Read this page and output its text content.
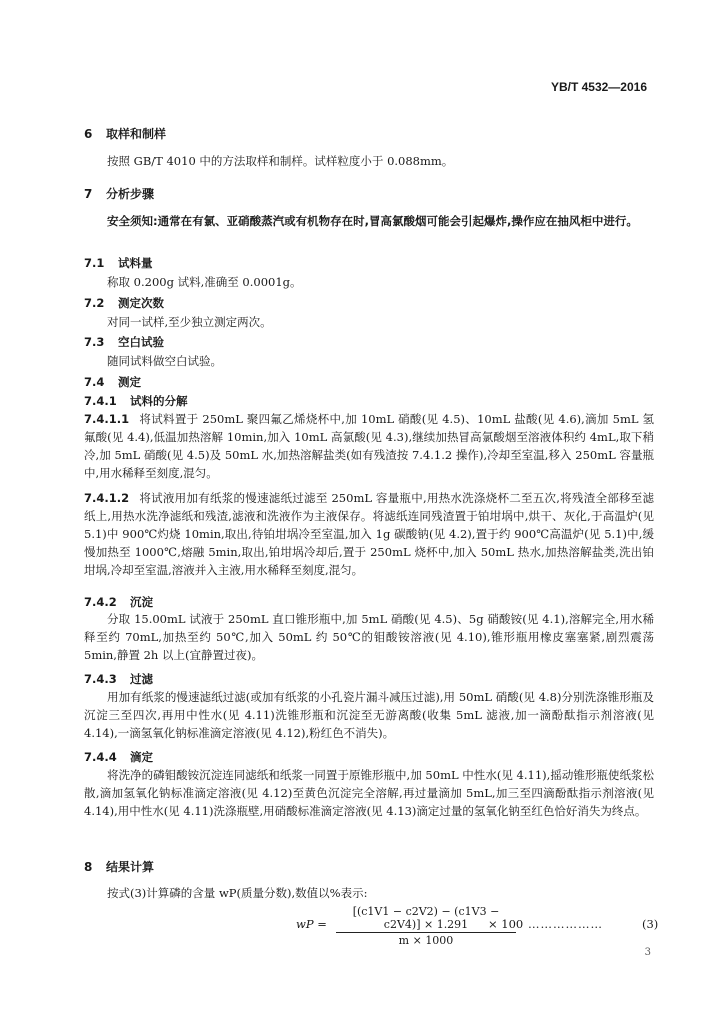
YB/T 4532—2016
6 取样和制样
按照 GB/T 4010 中的方法取样和制样。试样粒度小于 0.088mm。
7 分析步骤
安全须知:通常在有氯、亚硝酸蒸汽或有机物存在时,冒高氯酸烟可能会引起爆炸,操作应在抽风柜中进行。
7.1 试料量
称取 0.200g 试料,准确至 0.0001g。
7.2 测定次数
对同一试样,至少独立测定两次。
7.3 空白试验
随同试料做空白试验。
7.4 测定
7.4.1 试料的分解
7.4.1.1 将试料置于 250mL 聚四氟乙烯烧杯中,加 10mL 硝酸(见 4.5)、10mL 盐酸(见 4.6),滴加 5mL 氢氟酸(见 4.4),低温加热溶解 10min,加入 10mL 高氯酸(见 4.3),继续加热冒高氯酸烟至溶液体积约 4mL,取下稍冷,加 5mL 硝酸(见 4.5)及 50mL 水,加热溶解盐类(如有残渣按 7.4.1.2 操作),冷却至室温,移入 250mL 容量瓶中,用水稀释至刻度,混匀。
7.4.1.2 将试液用加有纸浆的慢速滤纸过滤至 250mL 容量瓶中,用热水洗涤烧杯二至五次,将残渣全部移至滤纸上,用热水洗净滤纸和残渣,滤液和洗液作为主液保存。将滤纸连同残渣置于铂坩埚中,烘干、灰化,于高温炉(见 5.1)中 900℃灼烧 10min,取出,待铂坩埚冷至室温,加入 1g 碳酸钠(见 4.2),置于约 900℃高温炉(见 5.1)中,缓慢加热至 1000℃,熔融 5min,取出,铂坩埚冷却后,置于 250mL 烧杯中,加入 50mL 热水,加热溶解盐类,洗出铂坩埚,冷却至室温,溶液并入主液,用水稀释至刻度,混匀。
7.4.2 沉淀
分取 15.00mL 试液于 250mL 直口锥形瓶中,加 5mL 硝酸(见 4.5)、5g 硝酸铵(见 4.1),溶解完全,用水稀释至约 70mL,加热至约 50℃,加入 50mL 约 50℃的钼酸铵溶液(见 4.10),锥形瓶用橡皮塞塞紧,剧烈震荡 5min,静置 2h 以上(宜静置过夜)。
7.4.3 过滤
用加有纸浆的慢速滤纸过滤(或加有纸浆的小孔瓷片漏斗减压过滤),用 50mL 硝酸(见 4.8)分别洗涤锥形瓶及沉淀三至四次,再用中性水(见 4.11)洗锥形瓶和沉淀至无游离酸(收集 5mL 滤液,加一滴酚酞指示剂溶液(见 4.14),一滴氢氧化钠标准滴定溶液(见 4.12),粉红色不消失)。
7.4.4 滴定
将洗净的磷钼酸铵沉淀连同滤纸和纸浆一同置于原锥形瓶中,加 50mL 中性水(见 4.11),摇动锥形瓶使纸浆松散,滴加氢氧化钠标准滴定溶液(见 4.12)至黄色沉淀完全溶解,再过量滴加 5mL,加三至四滴酚酞指示剂溶液(见 4.14),用中性水(见 4.11)洗涤瓶壁,用硝酸标准滴定溶液(见 4.13)滴定过量的氢氧化钠至红色恰好消失为终点。
8 结果计算
按式(3)计算磷的含量 wP(质量分数),数值以%表示:
wP = $\frac{[(c1V1 - c2V2) - (c1V3 - c2V4)] \times 1.291}{m \times 1000}$
× 100 ………………	(3)
3
